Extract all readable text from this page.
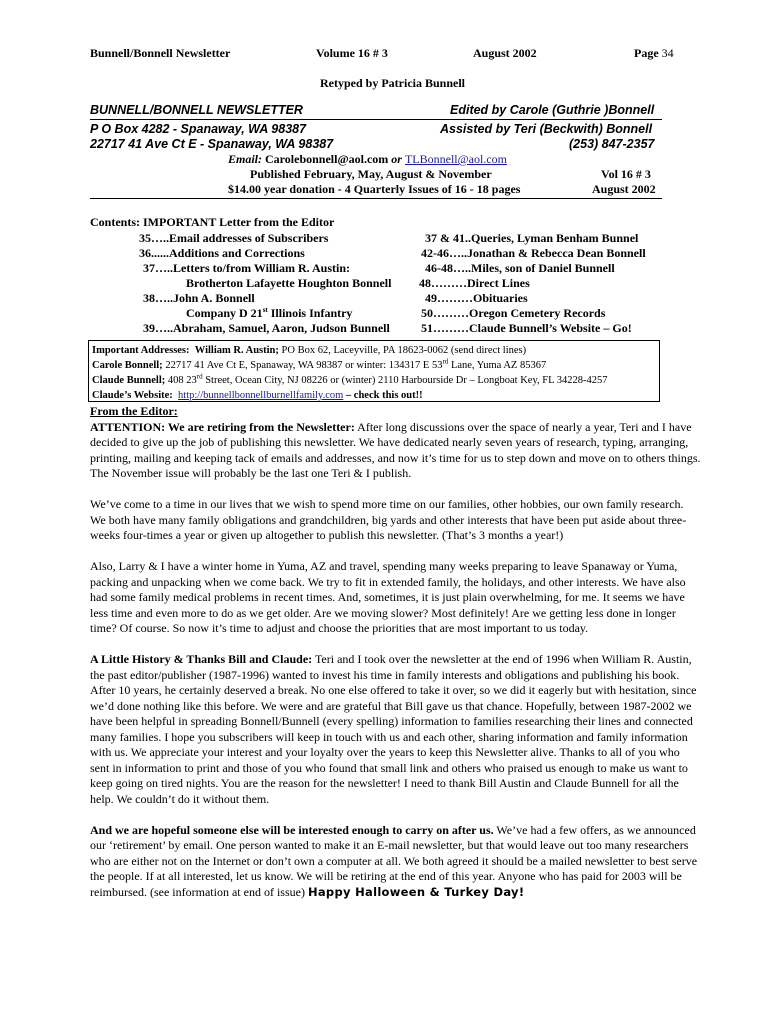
Bunnell/Bonnell Newsletter	Volume 16 # 3	August 2002	Page 34
Retyped by Patricia Bunnell
BUNNELL/BONNELL NEWSLETTER	Edited by Carole (Guthrie )Bonnell
P O Box 4282 - Spanaway, WA 98387	Assisted by Teri (Beckwith) Bonnell
22717 41 Ave Ct E - Spanaway, WA 98387	(253) 847-2357
Email: Carolebonnell@aol.com or TLBonnell@aol.com
Published February, May, August & November	Vol 16 # 3
$14.00 year donation - 4 Quarterly Issues of 16 - 18 pages	August 2002
Contents: IMPORTANT Letter from the Editor
35…..Email addresses of Subscribers
36......Additions and Corrections
37…..Letters to/from William R. Austin:
Brotherton Lafayette Houghton Bonnell
38…..John A. Bonnell
Company D 21st Illinois Infantry
39…..Abraham, Samuel, Aaron, Judson Bunnell
37 & 41..Queries, Lyman Benham Bunnel
42-46…..Jonathan & Rebecca Dean Bonnell
46-48…..Miles, son of Daniel Bunnell
48………Direct Lines
49………Obituaries
50………Oregon Cemetery Records
51………Claude Bunnell’s Website – Go!
Important Addresses: William R. Austin; PO Box 62, Laceyville, PA 18623-0062 (send direct lines)
Carole Bonnell; 22717 41 Ave Ct E, Spanaway, WA 98387 or winter: 134317 E 53rd Lane, Yuma AZ 85367
Claude Bunnell; 408 23rd Street, Ocean City, NJ 08226 or (winter) 2110 Harbourside Dr – Longboat Key, FL 34228-4257
Claude’s Website: http://bunnellbonnellburnellfamily.com – check this out!!
From the Editor:

ATTENTION: We are retiring from the Newsletter: After long discussions over the space of nearly a year, Teri and I have decided to give up the job of publishing this newsletter. We have dedicated nearly seven years of research, typing, arranging, printing, mailing and keeping tack of emails and addresses, and now it’s time for us to step down and move on to others things. The November issue will probably be the last one Teri & I publish.

We’ve come to a time in our lives that we wish to spend more time on our families, other hobbies, our own family research. We both have many family obligations and grandchildren, big yards and other interests that have been put aside about three-weeks four-times a year or given up altogether to publish this newsletter. (That’s 3 months a year!)

Also, Larry & I have a winter home in Yuma, AZ and travel, spending many weeks preparing to leave Spanaway or Yuma, packing and unpacking when we come back. We try to fit in extended family, the holidays, and other interests. We have also had some family medical problems in recent times. And, sometimes, it is just plain overwhelming, for me. It seems we have less time and even more to do as we get older. Are we moving slower? Most definitely! Are we getting less done in longer time? Of course. So now it’s time to adjust and choose the priorities that are most important to us today.

A Little History & Thanks Bill and Claude: Teri and I took over the newsletter at the end of 1996 when William R. Austin, the past editor/publisher (1987-1996) wanted to invest his time in family interests and obligations and publishing his book. After 10 years, he certainly deserved a break. No one else offered to take it over, so we did it eagerly but with hesitation, since we’d done nothing like this before. We were and are grateful that Bill gave us that chance. Hopefully, between 1987-2002 we have been helpful in spreading Bonnell/Bunnell (every spelling) information to families researching their lines and connected many families. I hope you subscribers will keep in touch with us and each other, sharing information and family information with us. We appreciate your interest and your loyalty over the years to keep this Newsletter alive. Thanks to all of you who sent in information to print and those of you who found that small link and others who praised us enough to make us want to keep going on tired nights. You are the reason for the newsletter! I need to thank Bill Austin and Claude Bunnell for all the help. We couldn’t do it without them.

And we are hopeful someone else will be interested enough to carry on after us. We’ve had a few offers, as we announced our ‘retirement’ by email. One person wanted to make it an E-mail newsletter, but that would leave out too many researchers who are either not on the Internet or don’t own a computer at all. We both agreed it should be a mailed newsletter to best serve the people. If at all interested, let us know. We will be retiring at the end of this year. Anyone who has paid for 2003 will be reimbursed. (see information at end of issue) Happy Halloween & Turkey Day!
